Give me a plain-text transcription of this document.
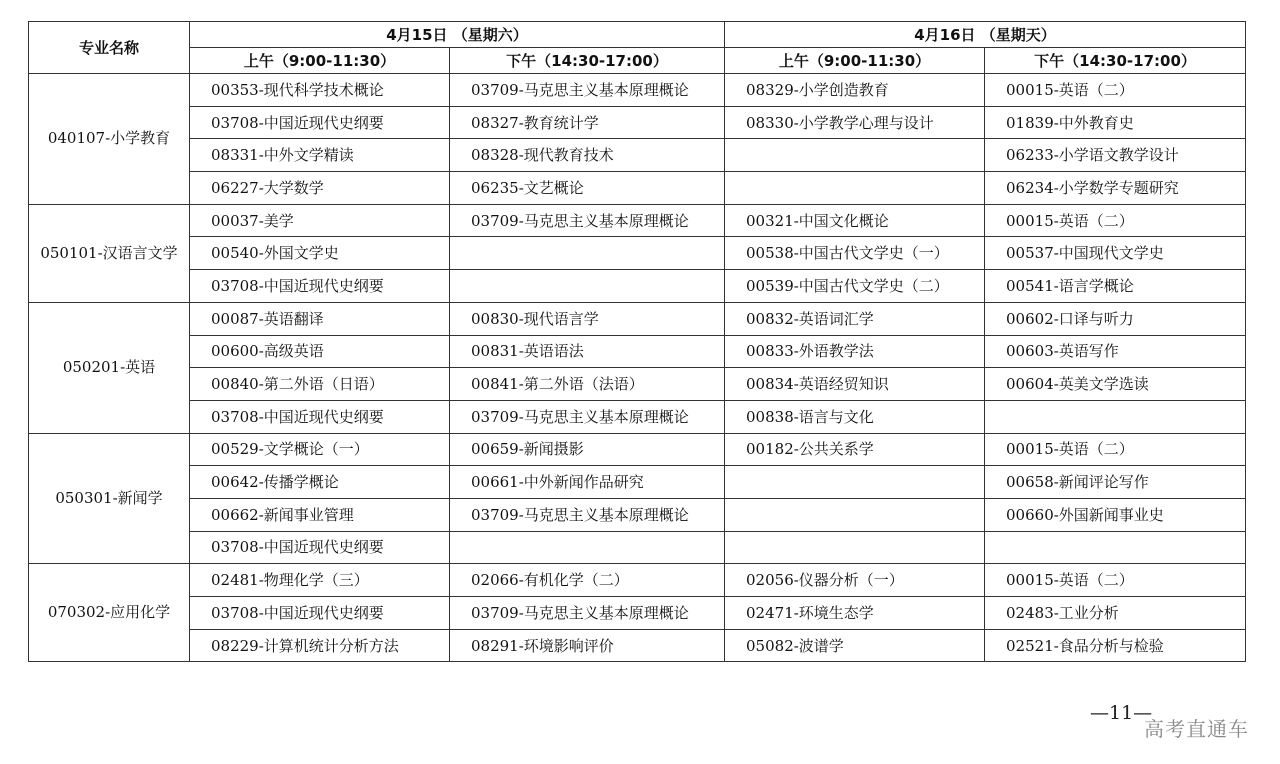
专业名称	4月15日 （星期六）		4月16日 （星期天）	
	上午（9:00-11:30）	下午（14:30-17:00）	上午（9:00-11:30）	下午（14:30-17:00）
040107-小学教育	00353-现代科学技术概论	03709-马克思主义基本原理概论	08329-小学创造教育	00015-英语（二）
	03708-中国近现代史纲要	08327-教育统计学	08330-小学教学心理与设计	01839-中外教育史
	08331-中外文学精读	08328-现代教育技术		06233-小学语文教学设计
	06227-大学数学	06235-文艺概论		06234-小学数学专题研究
050101-汉语言文学	00037-美学	03709-马克思主义基本原理概论	00321-中国文化概论	00015-英语（二）
	00540-外国文学史		00538-中国古代文学史（一）	00537-中国现代文学史
	03708-中国近现代史纲要		00539-中国古代文学史（二）	00541-语言学概论
050201-英语	00087-英语翻译	00830-现代语言学	00832-英语词汇学	00602-口译与听力
	00600-高级英语	00831-英语语法	00833-外语教学法	00603-英语写作
	00840-第二外语（日语）	00841-第二外语（法语）	00834-英语经贸知识	00604-英美文学选读
	03708-中国近现代史纲要	03709-马克思主义基本原理概论	00838-语言与文化	
050301-新闻学	00529-文学概论（一）	00659-新闻摄影	00182-公共关系学	00015-英语（二）
	00642-传播学概论	00661-中外新闻作品研究		00658-新闻评论写作
	00662-新闻事业管理	03709-马克思主义基本原理概论		00660-外国新闻事业史
	03708-中国近现代史纲要			
070302-应用化学	02481-物理化学（三）	02066-有机化学（二）	02056-仪器分析（一）	00015-英语（二）
	03708-中国近现代史纲要	03709-马克思主义基本原理概论	02471-环境生态学	02483-工业分析
	08229-计算机统计分析方法	08291-环境影响评价	05082-波谱学	02521-食品分析与检验
—11—
高考直通车
